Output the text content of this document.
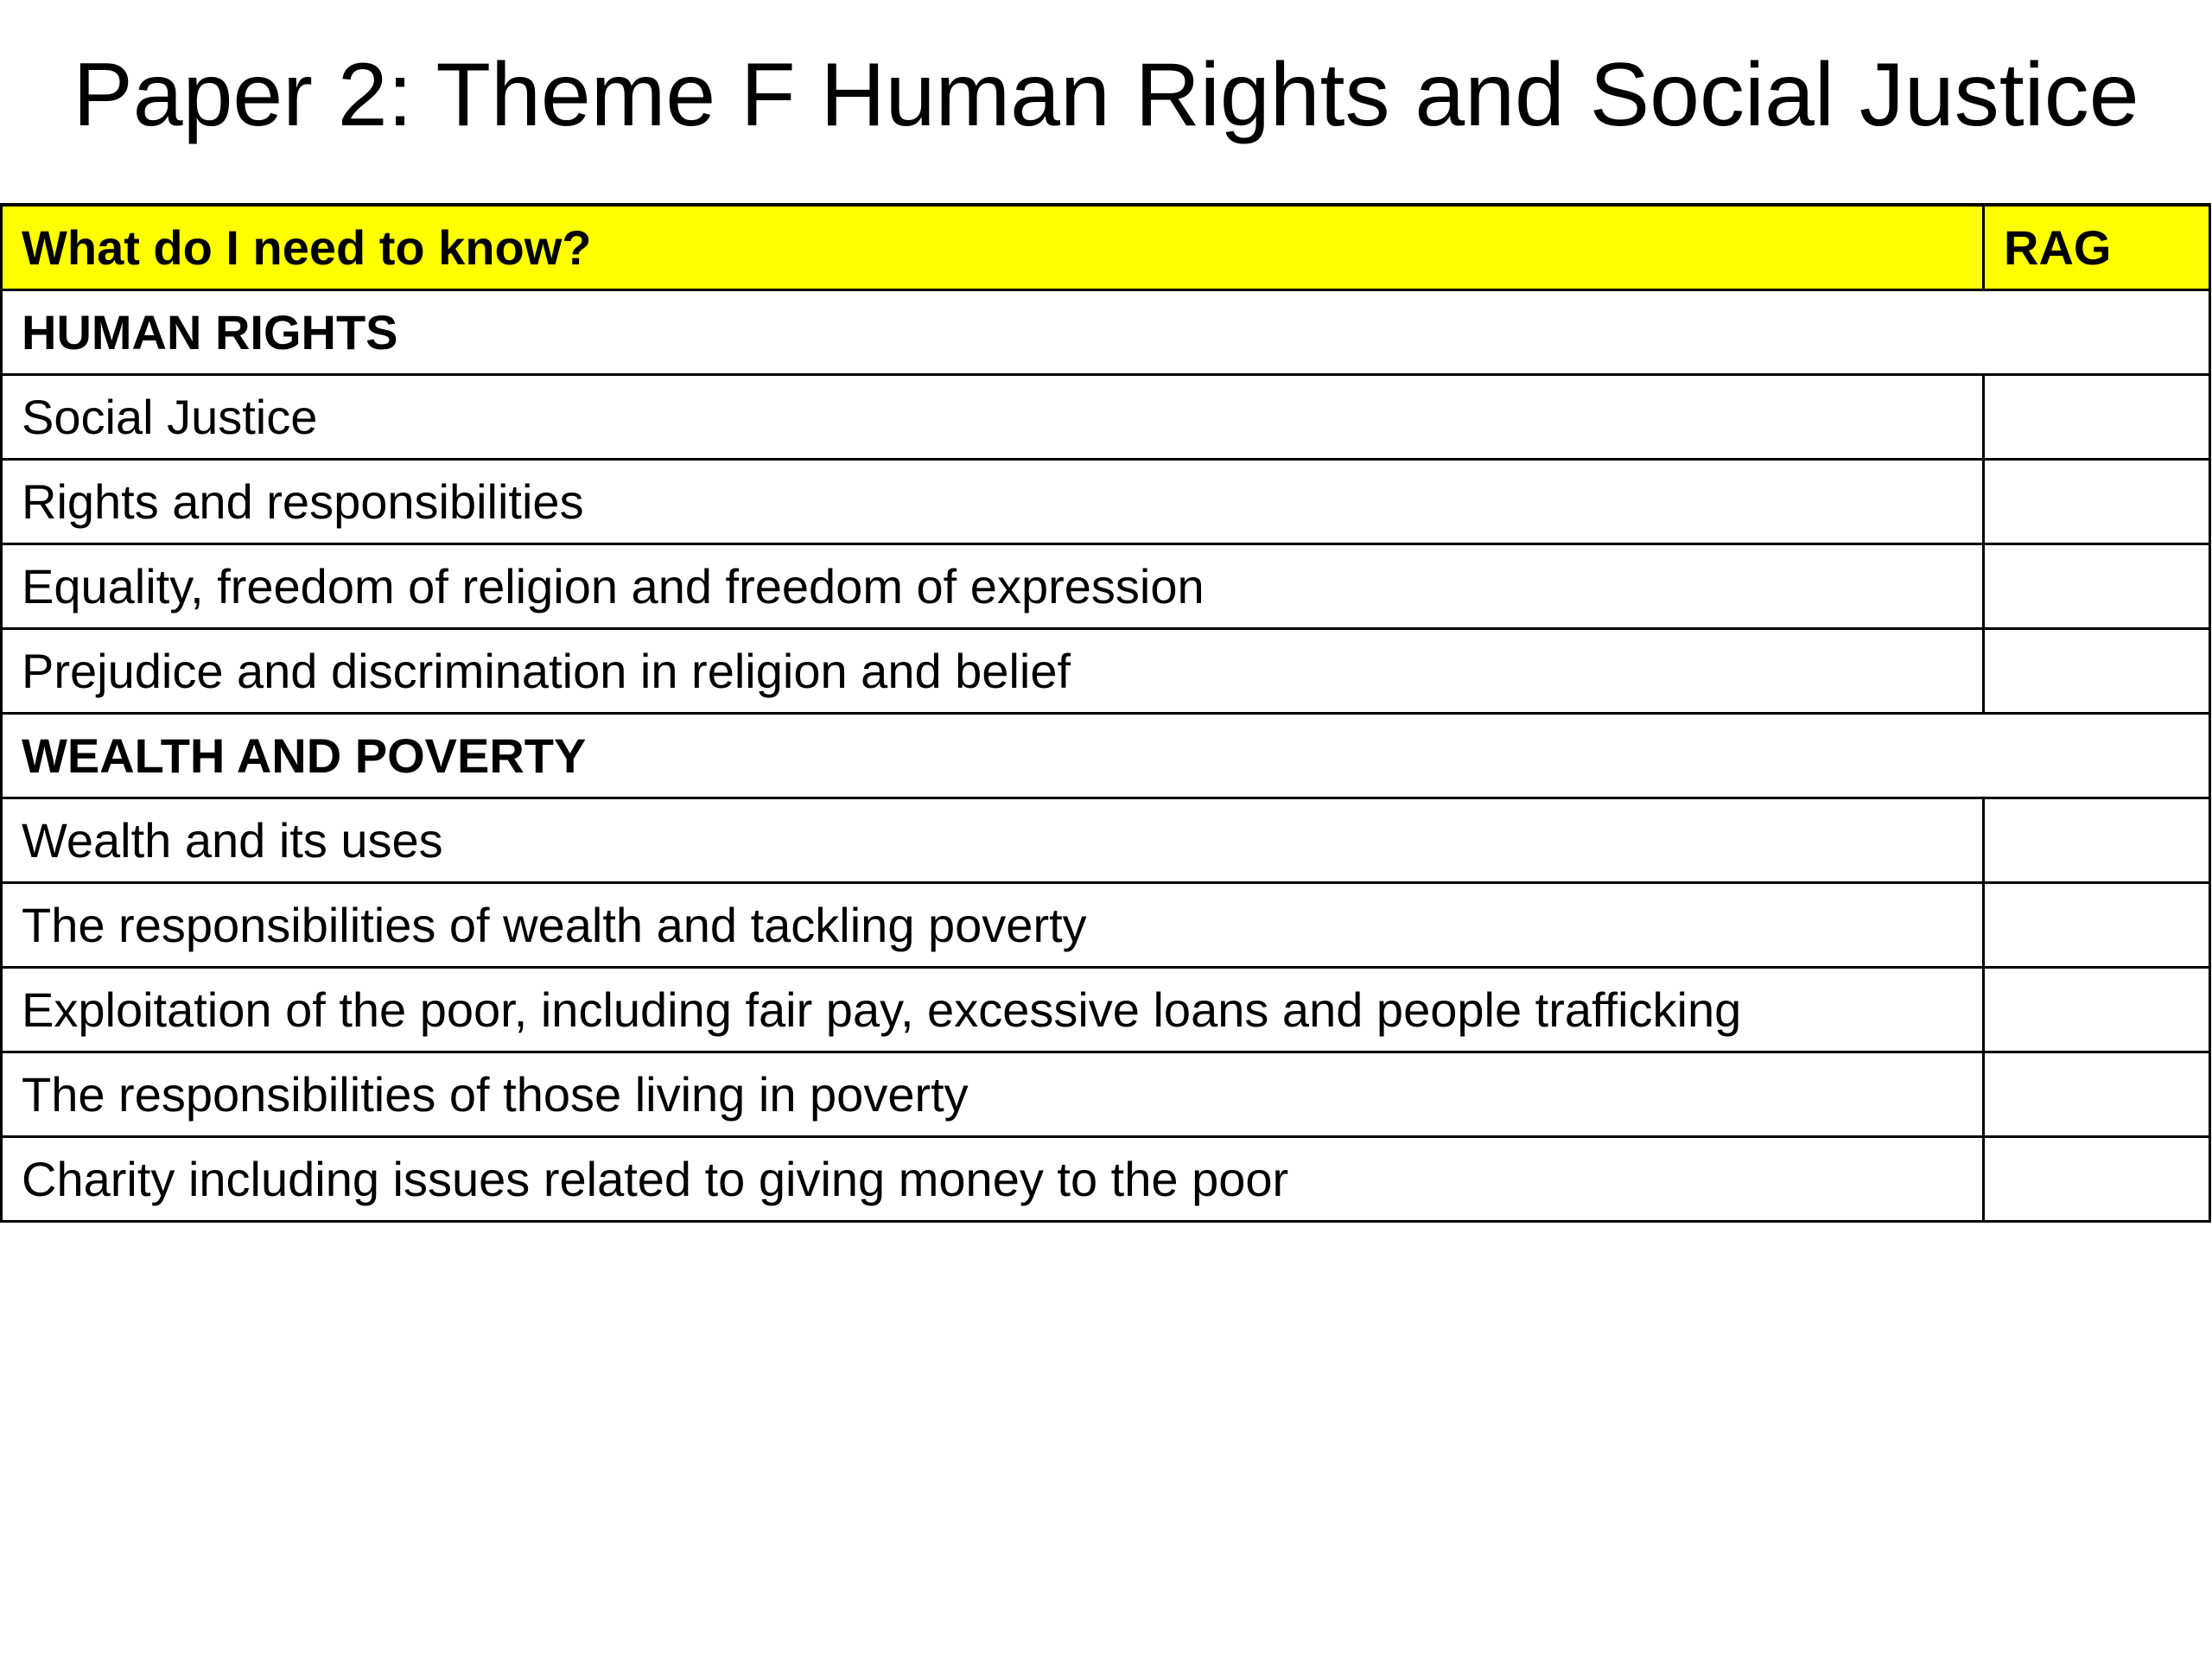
Paper 2: Theme F Human Rights and Social Justice
What do I need to know?	RAG
HUMAN RIGHTS	
Social Justice	
Rights and responsibilities	
Equality, freedom of religion and freedom of expression	
Prejudice and discrimination in religion and belief	
WEALTH AND POVERTY	
Wealth and its uses	
The responsibilities of wealth and tackling poverty	
Exploitation of the poor, including fair pay, excessive loans and people trafficking	
The responsibilities of those living in poverty	
Charity including issues related to giving money to the poor	
